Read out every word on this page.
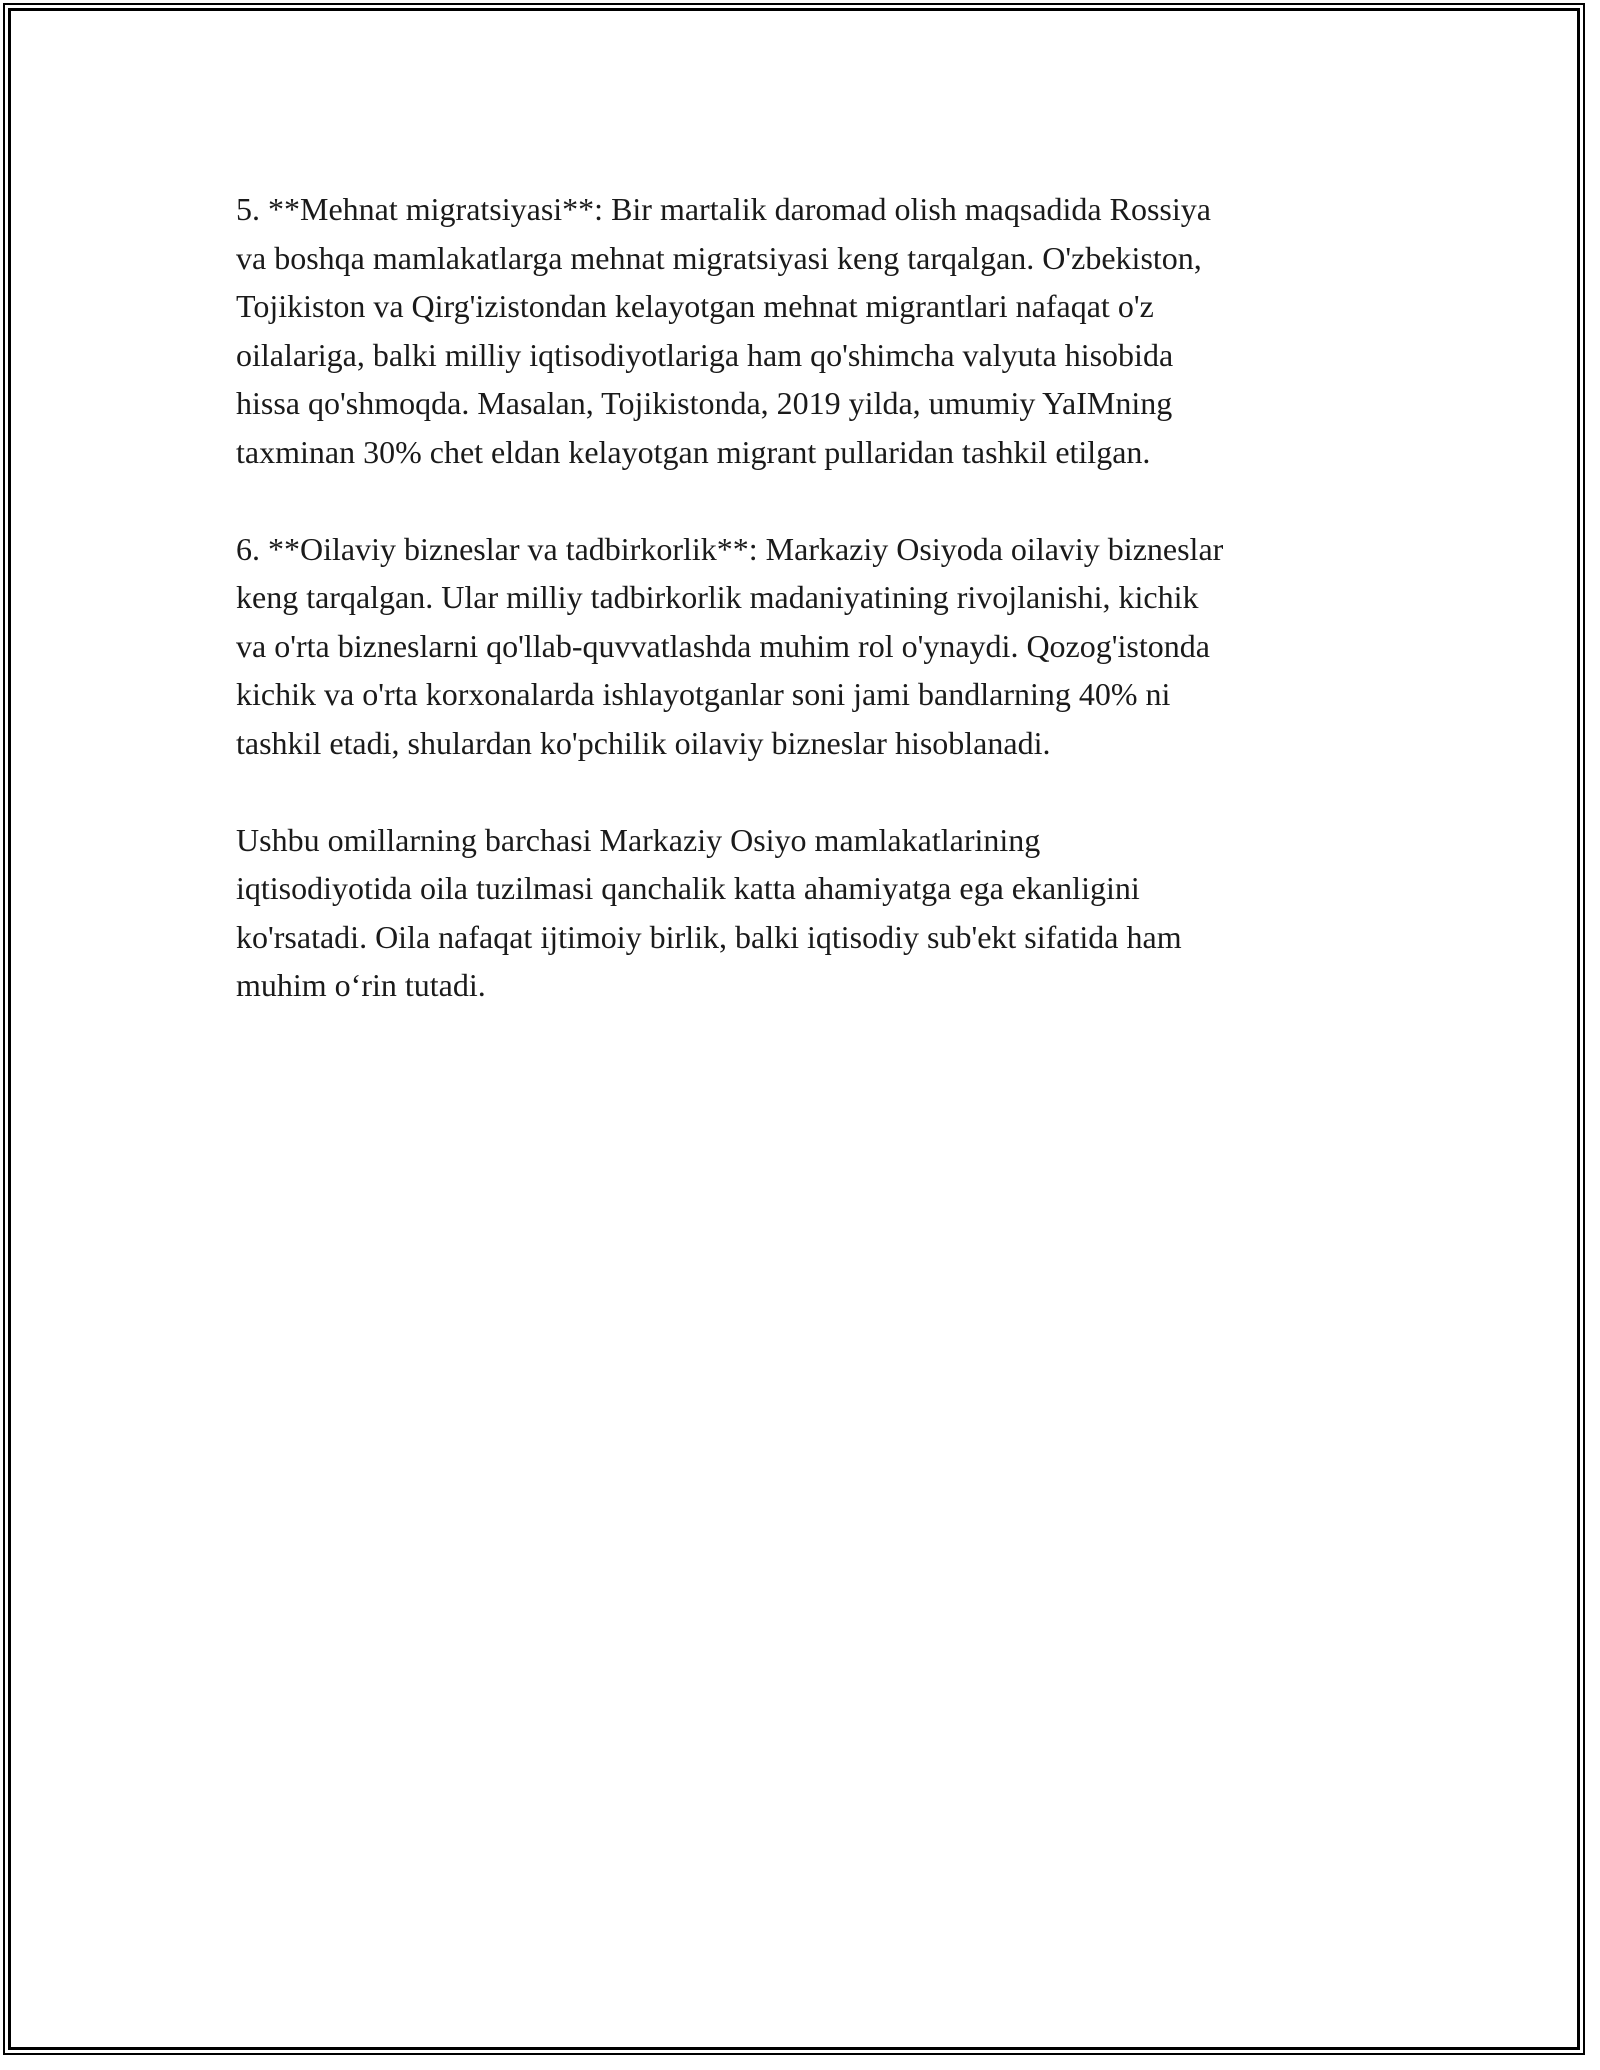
5. **Mehnat migratsiyasi**: Bir martalik daromad olish maqsadida Rossiya
va boshqa mamlakatlarga mehnat migratsiyasi keng tarqalgan. O'zbekiston,
Tojikiston va Qirg'izistondan kelayotgan mehnat migrantlari nafaqat o'z
oilalariga, balki milliy iqtisodiyotlariga ham qo'shimcha valyuta hisobida
hissa qo'shmoqda. Masalan, Tojikistonda, 2019 yilda, umumiy YaIMning
taxminan 30% chet eldan kelayotgan migrant pullaridan tashkil etilgan.

6. **Oilaviy bizneslar va tadbirkorlik**: Markaziy Osiyoda oilaviy bizneslar
keng tarqalgan. Ular milliy tadbirkorlik madaniyatining rivojlanishi, kichik
va o'rta bizneslarni qo'llab-quvvatlashda muhim rol o'ynaydi. Qozog'istonda
kichik va o'rta korxonalarda ishlayotganlar soni jami bandlarning 40% ni
tashkil etadi, shulardan ko'pchilik oilaviy bizneslar hisoblanadi.

Ushbu omillarning barchasi Markaziy Osiyo mamlakatlarining
iqtisodiyotida oila tuzilmasi qanchalik katta ahamiyatga ega ekanligini
ko'rsatadi. Oila nafaqat ijtimoiy birlik, balki iqtisodiy sub'ekt sifatida ham
muhim o‘rin tutadi.
